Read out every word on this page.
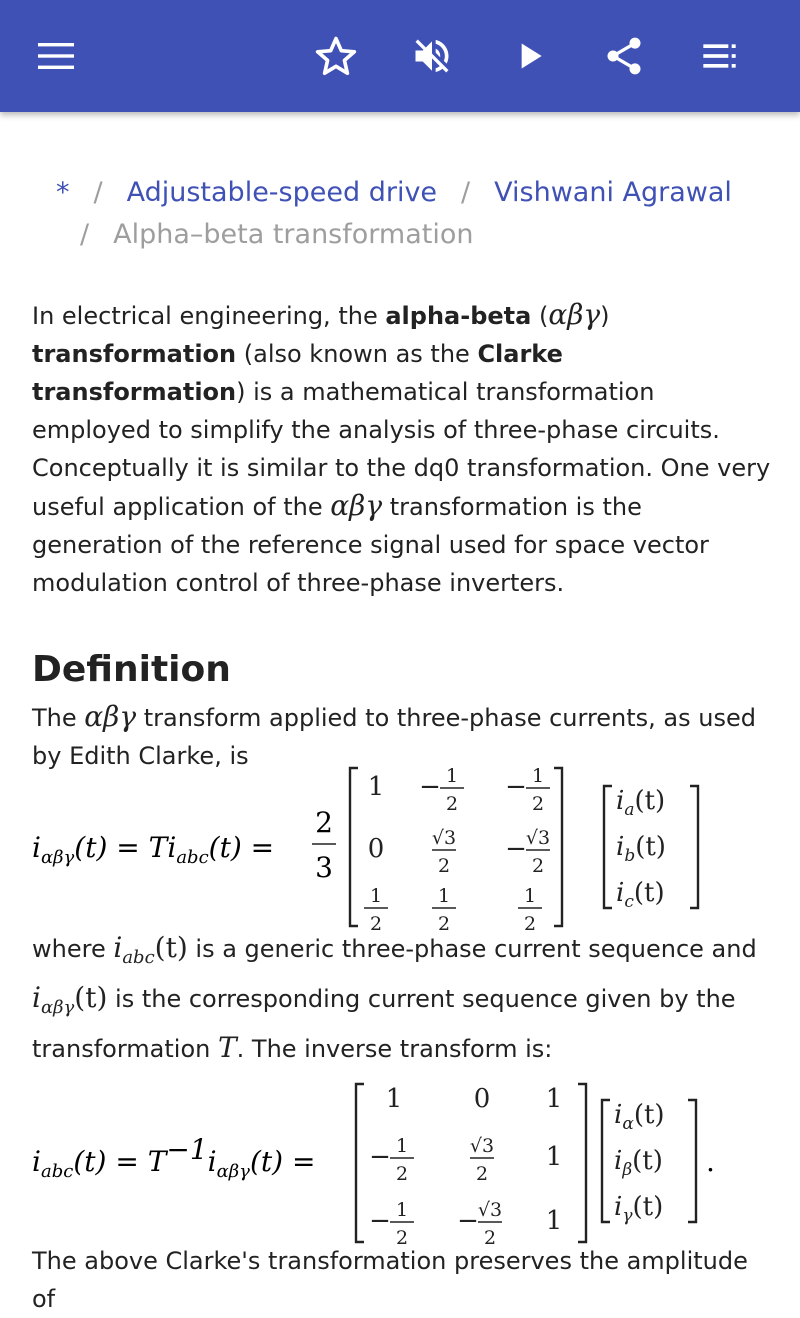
* / Adjustable-speed drive / Vishwani Agrawal
/ Alpha–beta transformation

In electrical engineering, the alpha-beta (αβγ) transformation (also known as the Clarke transformation) is a mathematical transformation employed to simplify the analysis of three-phase circuits. Conceptually it is similar to the dq0 transformation. One very useful application of the αβγ transformation is the generation of the reference signal used for space vector modulation control of three-phase inverters.

Definition

The αβγ transform applied to three-phase currents, as used by Edith Clarke, is

$i_{\alpha\beta\gamma}(t) = Ti_{abc}(t)$ =
2
3
1 − 1
2
− 1
2
0	√3
2
− √3
2
1
2
1
2
1
2
$i_a(t)$
$i_b(t)$
$i_c(t)$

where $i_{abc}(t)$ is a generic three-phase current sequence and $i_{\alpha\beta\gamma}(t)$ is the corresponding current sequence given by the transformation T. The inverse transform is:

$i_{abc}(t) = T-1i_{\alpha\beta\gamma}(t)$ =
1	0 1
− 1
2
√3
2
1
− 1
2
− √3
2
1
$i_\alpha(t)$
$i_\beta(t)$
$i_\gamma(t)$
.

The above Clarke's transformation preserves the amplitude of
